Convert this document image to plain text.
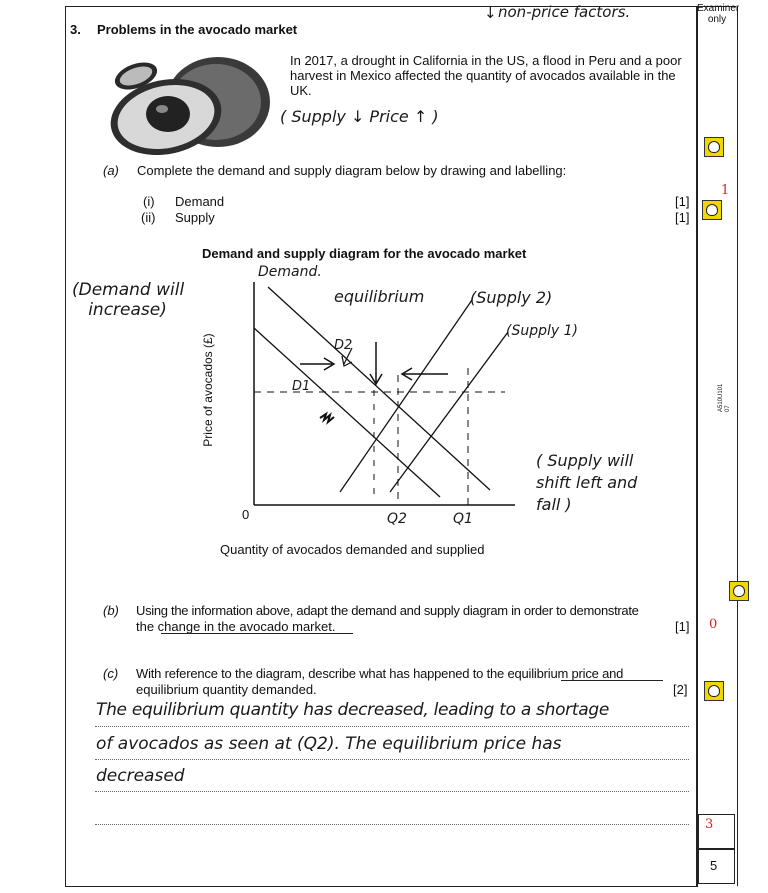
Examiner
only
3. Problems in the avocado market
non-price factors.
↓
In 2017, a drought in California in the US, a flood in Peru and a poor harvest in Mexico affected the quantity of avocados available in the UK.
( Supply ↓ Price ↑ )
(a) Complete the demand and supply diagram below by drawing and labelling:
(i) Demand	[1]
(ii) Supply	[1]
1
Demand and supply diagram for the avocado market
Demand.
equilibrium	(Supply 2)
(Supply 1)
D2
D1
Q2	Q1
0
(Demand will
increase)
( Supply will
shift left and
fall )
Price of avocados (£)
Quantity of avocados demanded and supplied
(b) Using the information above, adapt the demand and supply diagram in order to demonstrate
the change in the avocado market.	[1] 0
(c) With reference to the diagram, describe what has happened to the equilibrium price and
equilibrium quantity demanded.	[2]
The equilibrium quantity has decreased, leading to a shortage
of avocados as seen at (Q2). The equilibrium price has
decreased
3
5
A510U101
07
